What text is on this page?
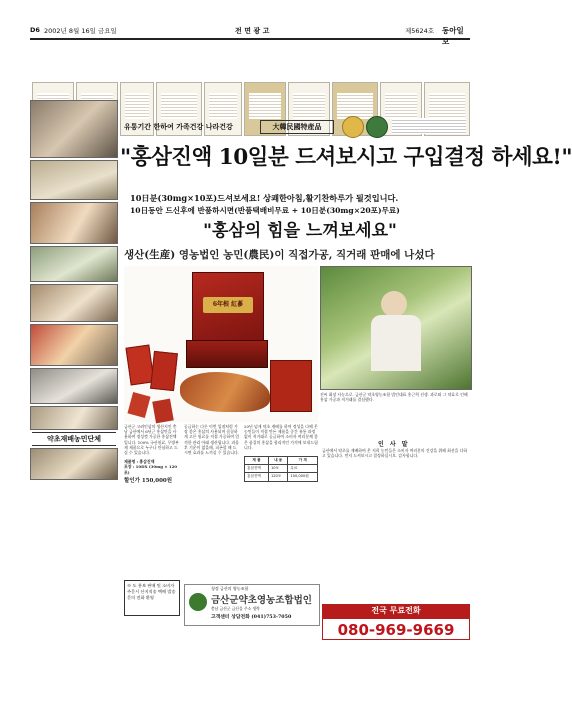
D6 2002년 8월 16일 금요일	전 면 광 고	제5624호 동아일보
약초재배농민단체
유통기간 한하여 가족건강 나라건강	大韓民國特産品
"홍삼진액 10일분 드셔보시고 구입결정 하세요!"
10日분(30mg×10포)드셔보세요! 상쾌한아침,활기찬하루가 될것입니다.
10日동안 드신후에 반품하시면(반품택배비무료 + 10日분(30mg×20포)무료)
"홍삼의 힘을 느껴보세요"
생산(生産) 영농법인 농민(農民)이 직접가공, 직거래 판매에 나섰다
6年根 紅蔘
진씨 회장 사농으로. 금산군 약초영농조합 법인대표 홍근혁 선생. 과로와 그 약효로 인해 홍삼 가공과 직거래를 결심했다.

금산군 고려인삼의 생산지인 충남 금산에서 6년근 홍삼만을 사용하여 정성껏 가공한 홍삼진액입니다. 100% 국산원료, 무방부제 제품으로 누구나 안심하고 드실 수 있습니다.

제품명 : 홍삼진액

포장 : 10DX (30mg × 120포)

할인가 150,000원

공급하는 다른 이번 입점처럼 가장 좋은 홍삼의 사용되며 꼼꼼하게 고른 원료를 직접 가공하여 엄격한 관리 아래 생산됩니다. 과음후 기운이 없을때, 피곤할 때 드시면 효과를 느끼실 수 있습니다.

20년 넘게 약초 재배를 하며 정성을 다해 온 농민들이 직접 만든 제품을 중간 유통 과정 없이 직거래로 공급하여 소비자 여러분께 좋은 품질의 홍삼을 합리적인 가격에 보내드립니다.

제 품	내 용	가 격
홍삼진액	10포	무료
홍삼진액	120포	150,000원
인 사 말

금산에서 약초를 재배하여 온 저희 농민들은 소비자 여러분의 건강을 위해 최선을 다하고 있습니다. 먼저 드셔보시고 결정하십시오. 감사합니다.

※ 도 홍보 판매 및 소비자
주문시 산지직송 택배 발송
문의 전화 환영
청정 금산의 영농조합
금산군약초영농조합법인
충남 금산군 금산읍 주소 생략
고객센터 상담전화 (041)753-7050
전국 무료전화
080-969-9669
